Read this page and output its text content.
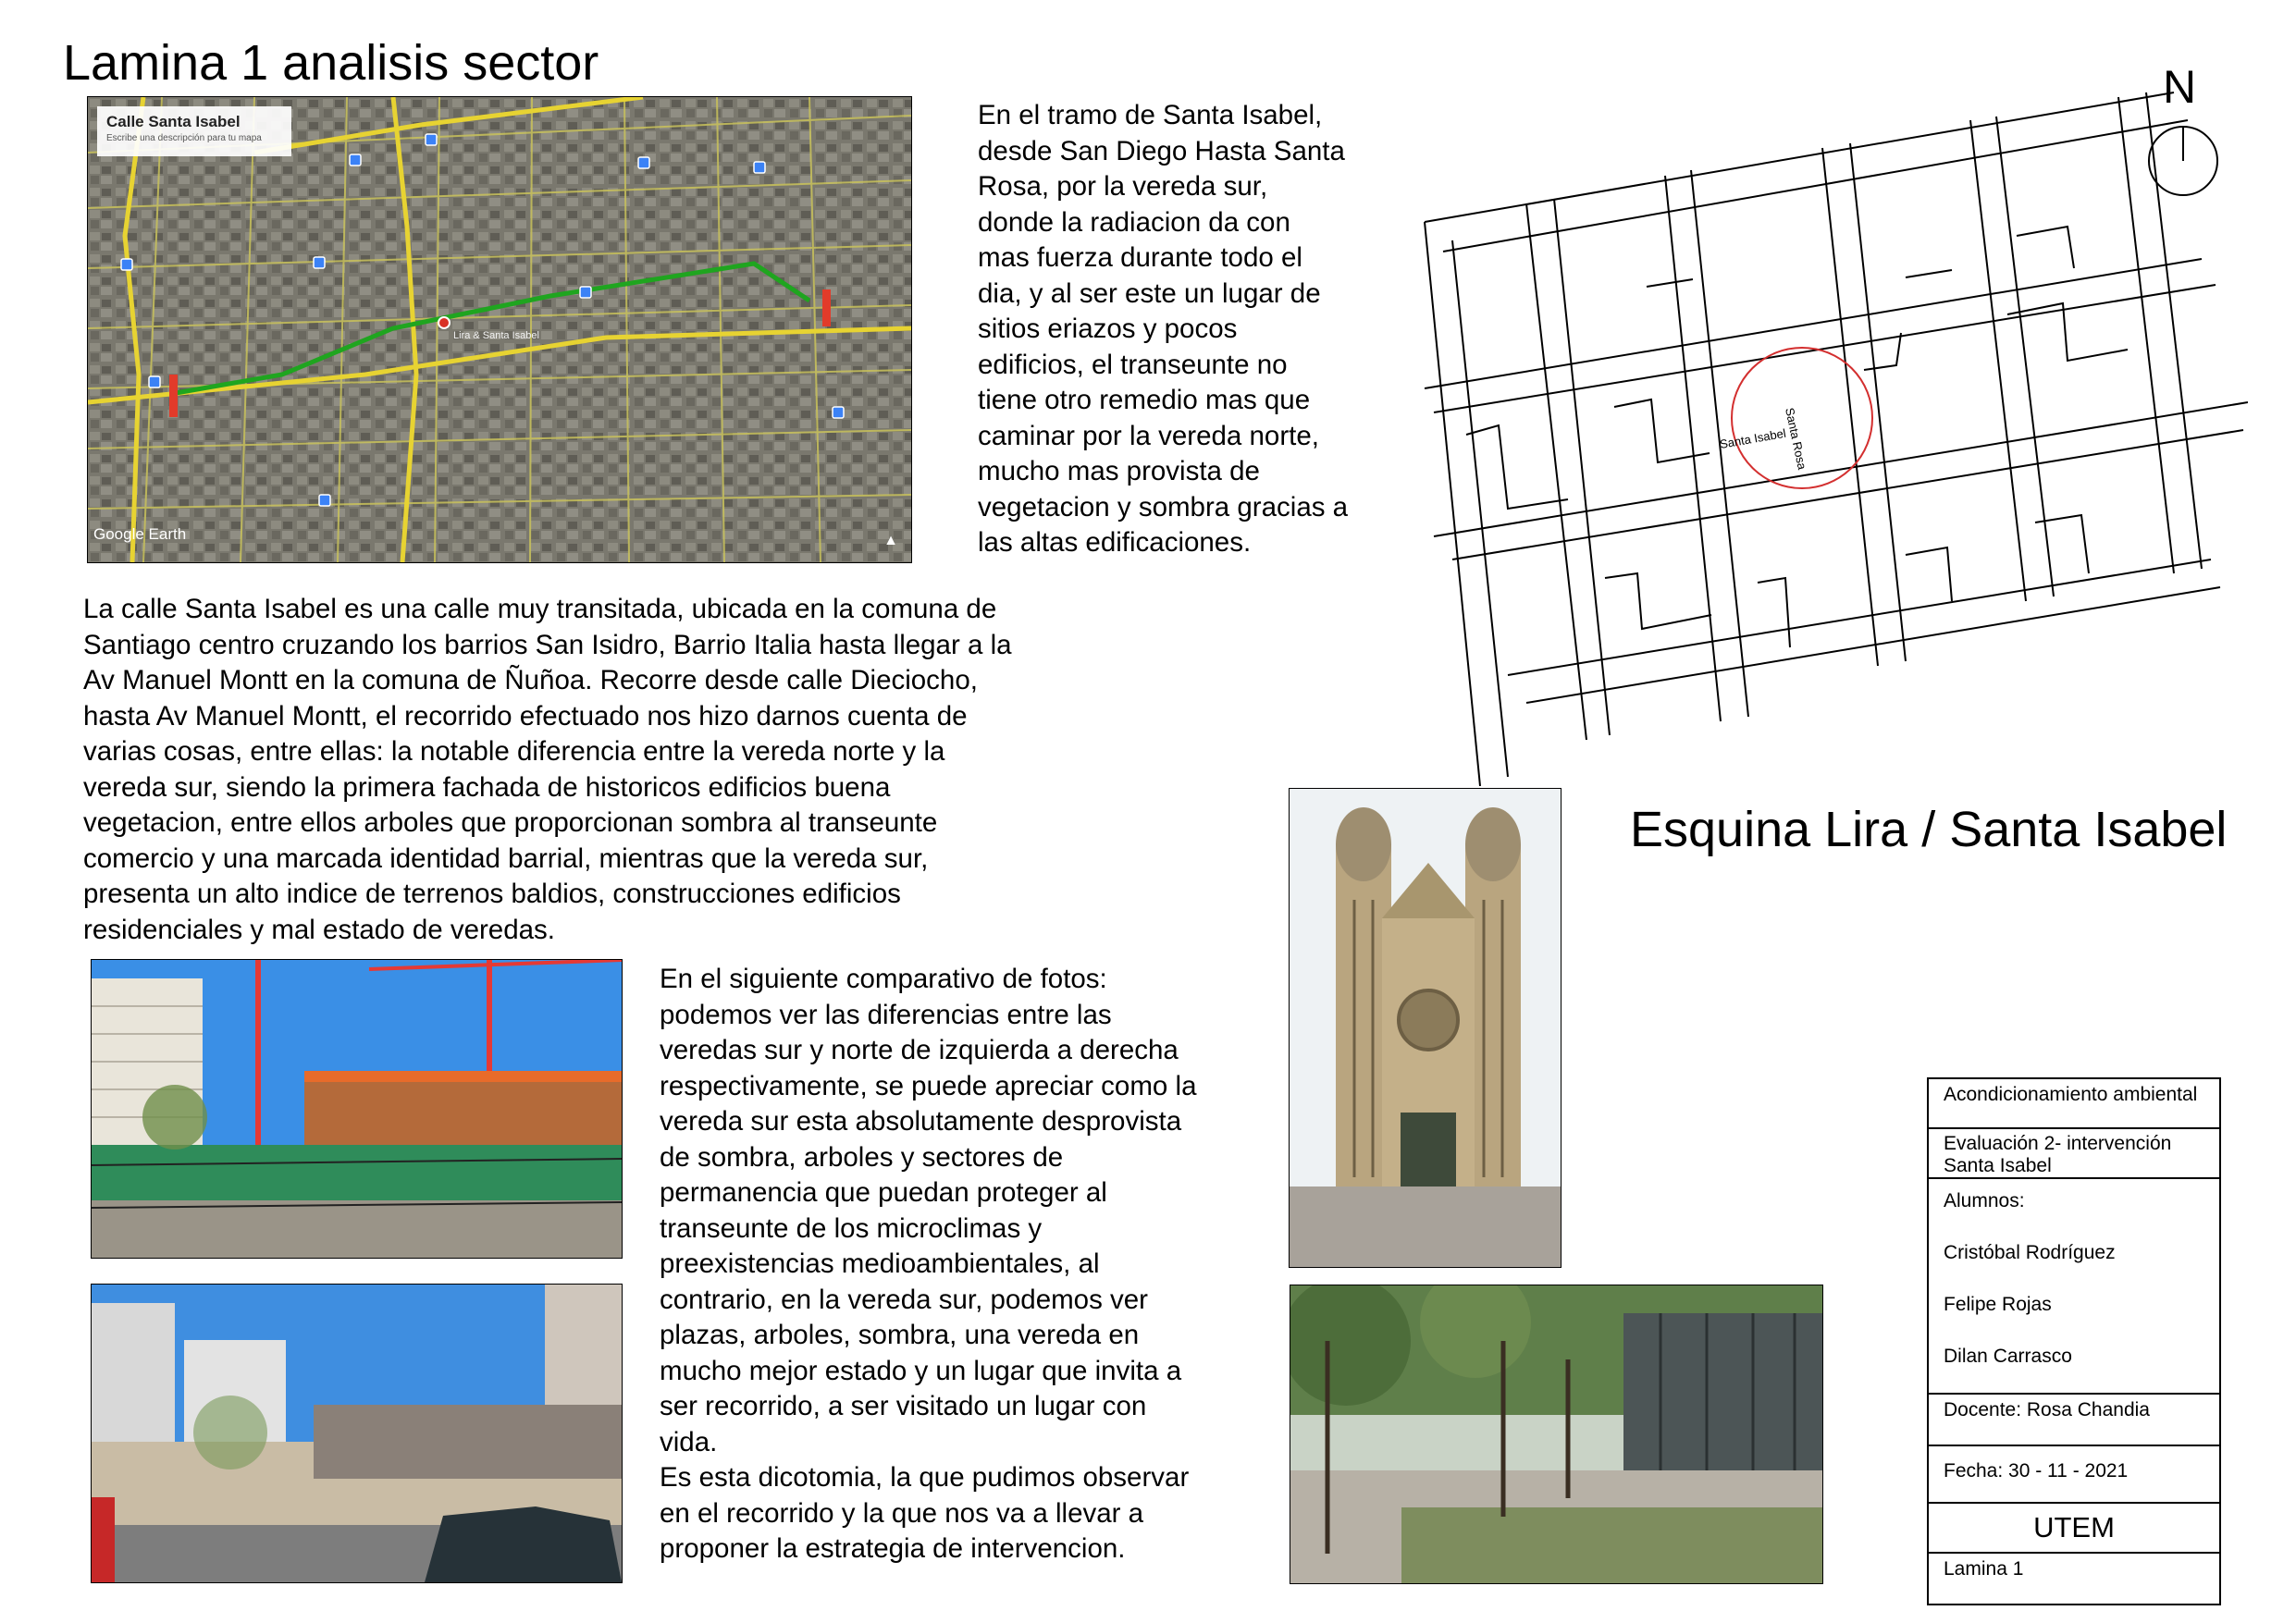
Lamina 1 analisis sector
Calle Santa Isabel
Escribe una descripción para tu mapa
Lira & Santa Isabel
Google Earth	▲
En el tramo de Santa Isabel,
desde San Diego Hasta Santa
Rosa, por la vereda sur,
donde la radiacion da con
mas fuerza durante todo el
dia, y al ser este un lugar de
sitios eriazos y pocos
edificios, el transeunte no
tiene otro remedio mas que
caminar por la vereda norte,
mucho mas provista de
vegetacion y sombra gracias a
las altas edificaciones.
Santa Rosa
Santa Isabel
N
La calle Santa Isabel es una calle muy transitada, ubicada en la comuna de
Santiago centro cruzando los barrios San Isidro, Barrio Italia hasta llegar a la
Av Manuel Montt en la comuna de Ñuñoa. Recorre desde calle Dieciocho,
hasta Av Manuel Montt, el recorrido efectuado nos hizo darnos cuenta de
varias cosas, entre ellas: la notable diferencia entre la vereda norte y la
vereda sur, siendo la primera fachada de historicos edificios buena
vegetacion, entre ellos arboles que proporcionan sombra al transeunte
comercio y una marcada identidad barrial, mientras que la vereda sur,
presenta un alto indice de terrenos baldios, construcciones edificios
residenciales y mal estado de veredas.
Esquina Lira / Santa Isabel
En el siguiente comparativo de fotos:
podemos ver las diferencias entre las
veredas sur y norte de izquierda a derecha
respectivamente, se puede apreciar como la
vereda sur esta absolutamente desprovista
de sombra, arboles y sectores de
permanencia que puedan proteger al
transeunte de los microclimas y
preexistencias medioambientales, al
contrario, en la vereda sur, podemos ver
plazas, arboles, sombra, una vereda en
mucho mejor estado y un lugar que invita a
ser recorrido, a ser visitado un lugar con
vida.
Es esta dicotomia, la que pudimos observar
en el recorrido y la que nos va a llevar a
proponer la estrategia de intervencion.
Acondicionamiento ambiental
Evaluación 2- intervención
Santa Isabel
Alumnos:
Cristóbal Rodríguez
Felipe Rojas
Dilan Carrasco
Docente: Rosa Chandia
Fecha: 30 - 11 - 2021
UTEM
Lamina 1
